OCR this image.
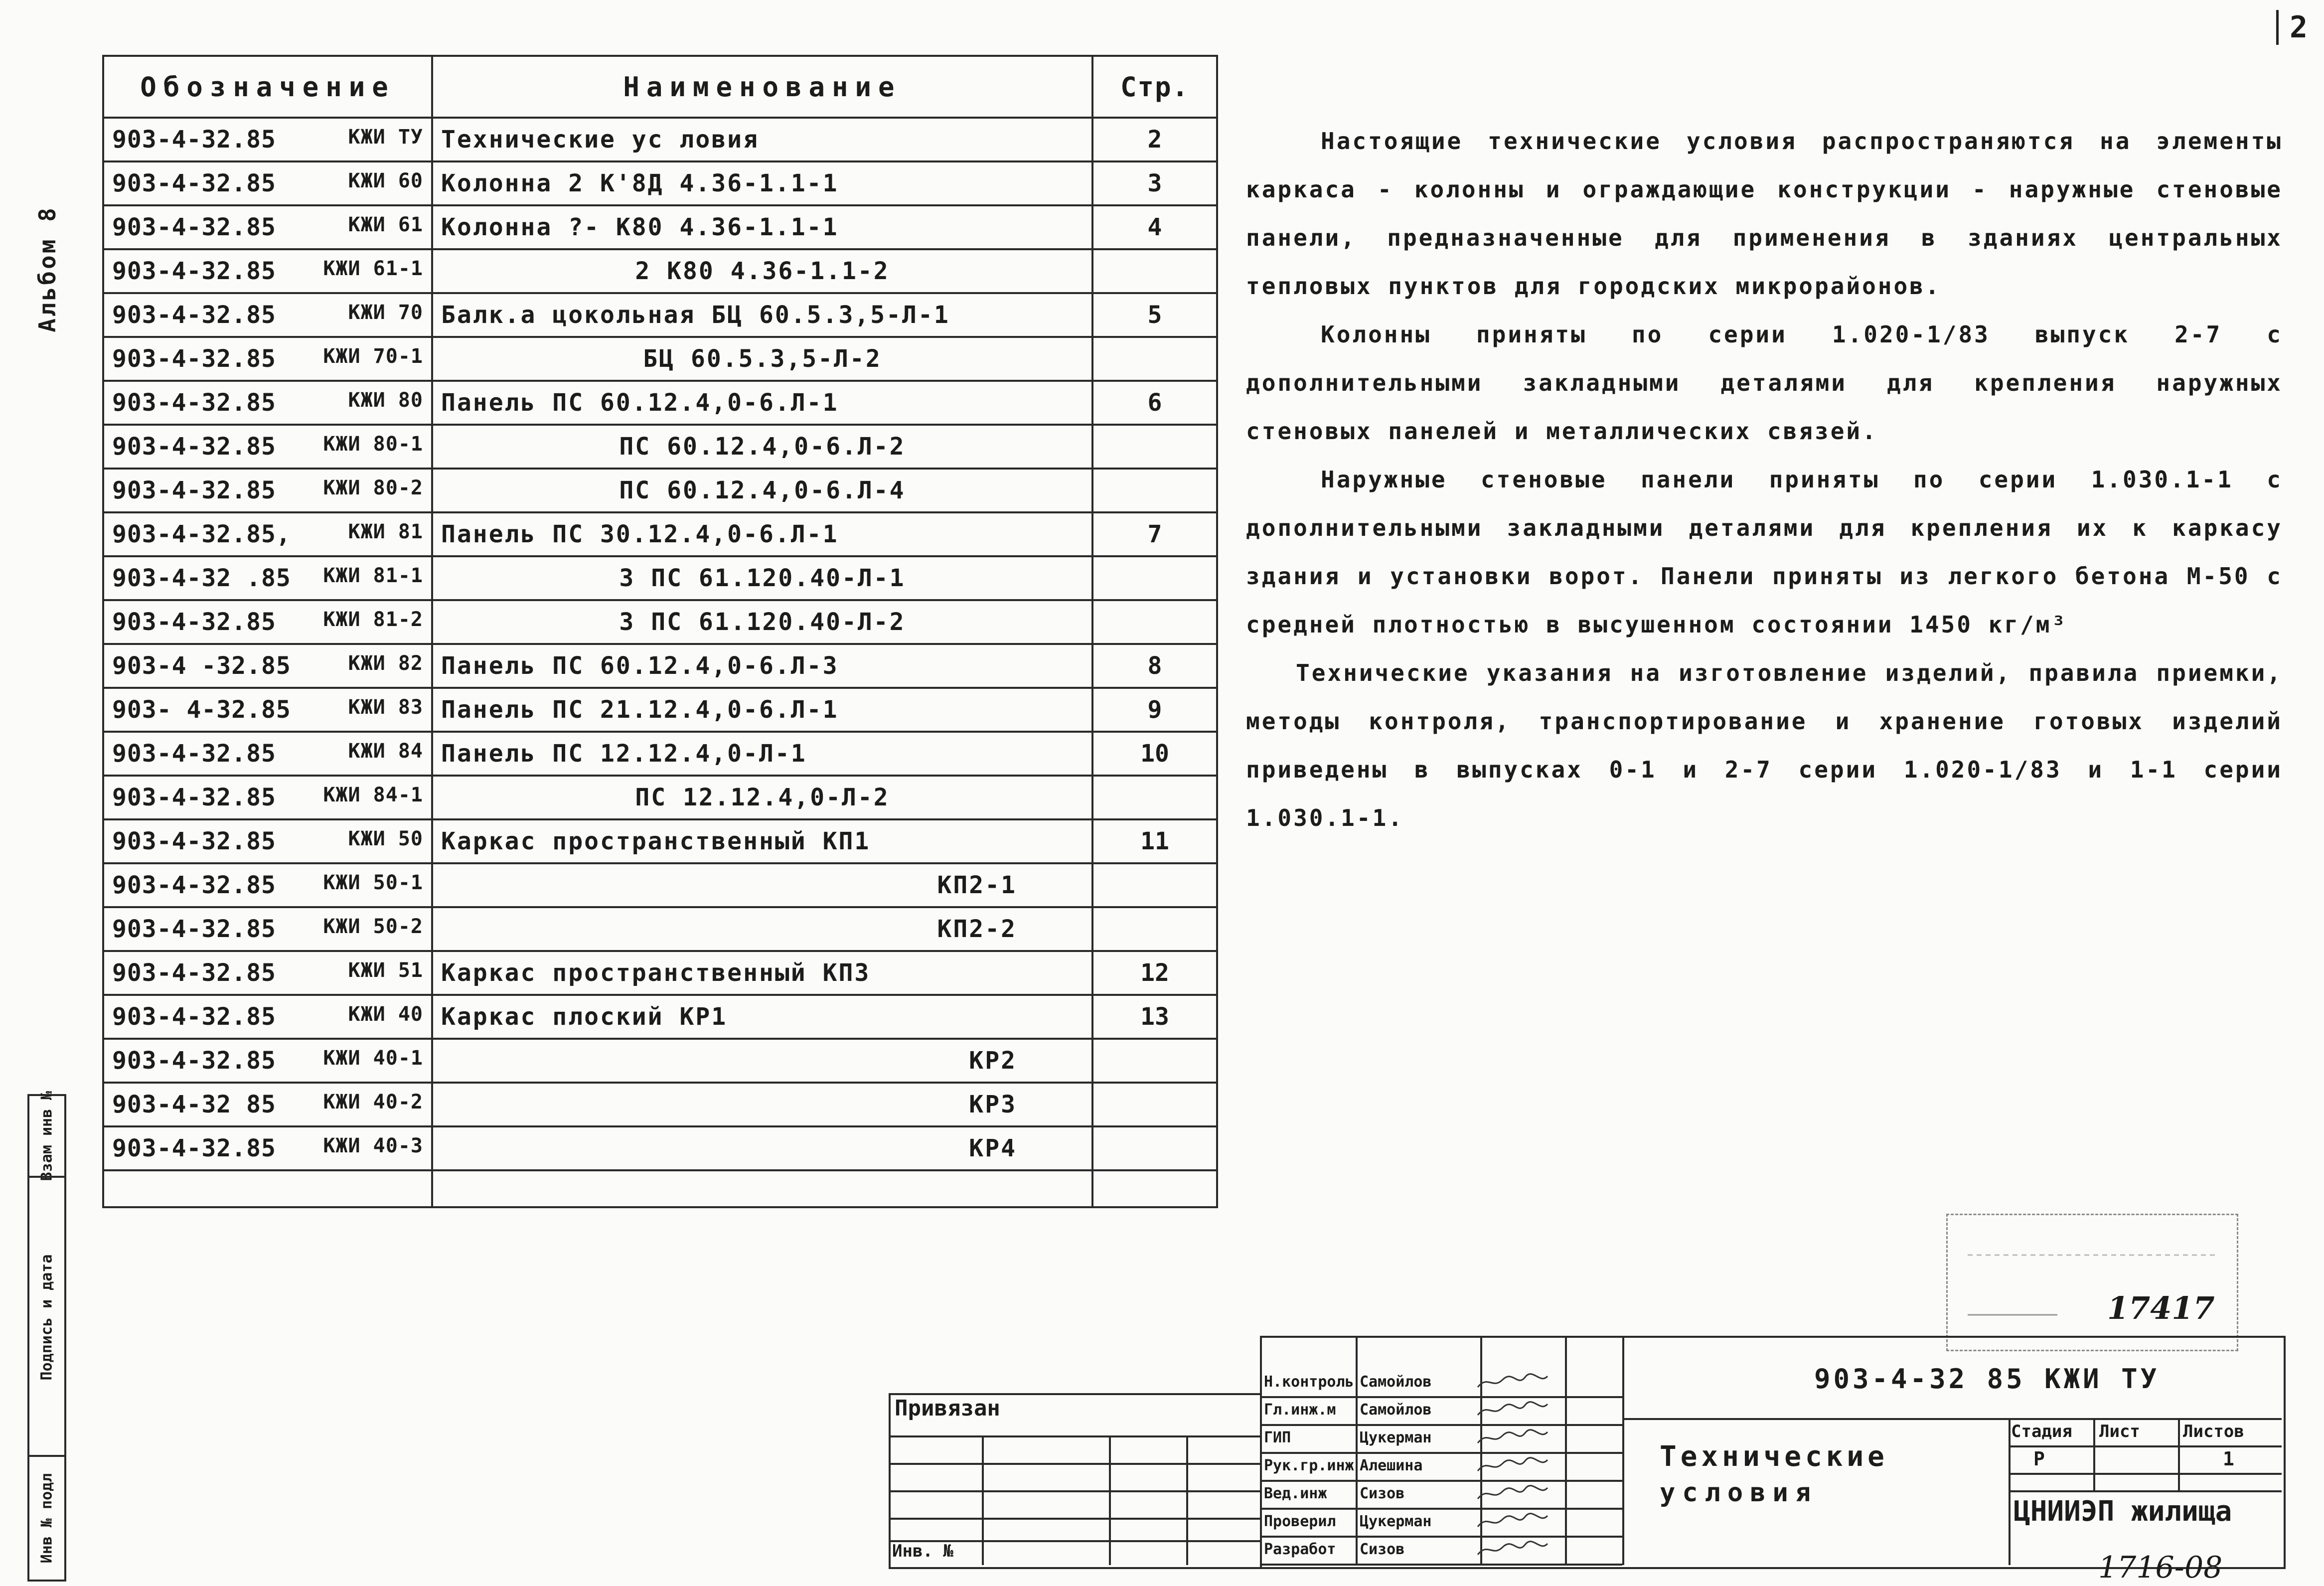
2
Альбом 8
Обозначение	Наименование	Стр.
903-4-32.85 КЖИ ТУ	Технические ус ловия	2
903-4-32.85 КЖИ 60	Колонна 2 К'8Д 4.36-1.1-1	3
903-4-32.85 КЖИ 61	Колонна ?- К80 4.36-1.1-1	4
903-4-32.85 КЖИ 61-1	2 К80 4.36-1.1-2	
903-4-32.85 КЖИ 70	Балк.а цокольная БЦ 60.5.3,5-Л-1	5
903-4-32.85 КЖИ 70-1	БЦ 60.5.3,5-Л-2	
903-4-32.85 КЖИ 80	Панель ПС 60.12.4,0-6.Л-1	6
903-4-32.85 КЖИ 80-1	ПС 60.12.4,0-6.Л-2	
903-4-32.85 КЖИ 80-2	ПС 60.12.4,0-6.Л-4	
903-4-32.85, КЖИ 81	Панель ПС 30.12.4,0-6.Л-1	7
903-4-32 .85 КЖИ 81-1	3 ПС 61.120.40-Л-1	
903-4-32.85 КЖИ 81-2	3 ПС 61.120.40-Л-2	
903-4 -32.85 КЖИ 82	Панель ПС 60.12.4,0-6.Л-3	8
903- 4-32.85 КЖИ 83	Панель ПС 21.12.4,0-6.Л-1	9
903-4-32.85 КЖИ 84	Панель ПС 12.12.4,0-Л-1	10
903-4-32.85 КЖИ 84-1	ПС 12.12.4,0-Л-2	
903-4-32.85 КЖИ 50	Каркас пространственный КП1	11
903-4-32.85 КЖИ 50-1	КП2-1	
903-4-32.85 КЖИ 50-2	КП2-2	
903-4-32.85 КЖИ 51	Каркас пространственный КП3	12
903-4-32.85 КЖИ 40	Каркас плоский КР1	13
903-4-32.85 КЖИ 40-1	КР2	
903-4-32 85 КЖИ 40-2	КР3	
903-4-32.85 КЖИ 40-3	КР4	

Настоящие технические условия распространяются на элементы каркаса - колонны и ограждающие конструкции - наружные стеновые панели, предназначенные для применения в зданиях центральных тепловых пунктов для городских микрорайонов.

Колонны приняты по серии 1.020-1/83 выпуск 2-7 с дополнительными закладными деталями для крепления наружных стеновых панелей и металлических связей.

Наружные стеновые панели приняты по серии 1.030.1-1 с дополнительными закладными деталями для крепления их к каркасу здания и установки ворот. Панели приняты из легкого бетона М-50 с средней плотностью в высушенном состоянии 1450 кг/м³

Технические указания на изготовление изделий, правила приемки, методы контроля, транспортирование и хранение готовых изделий приведены в выпусках 0-1 и 2-7 серии 1.020-1/83 и 1-1 серии 1.030.1-1.

Взам инв №
Подпись и дата
Инв № подл
17417
Привязан
Инв. №
Н.контроль Самойлов
Гл.инж.м	Самойлов
ГИП	Цукерман
Рук.гр.инж Алешина
Вед.инж	Сизов
Проверил	Цукерман
Разработ	Сизов
903-4-32 85 КЖИ ТУ
Технические
условия
Стадия Лист	Листов
Р	1
ЦНИИЭП жилища
1716-08
